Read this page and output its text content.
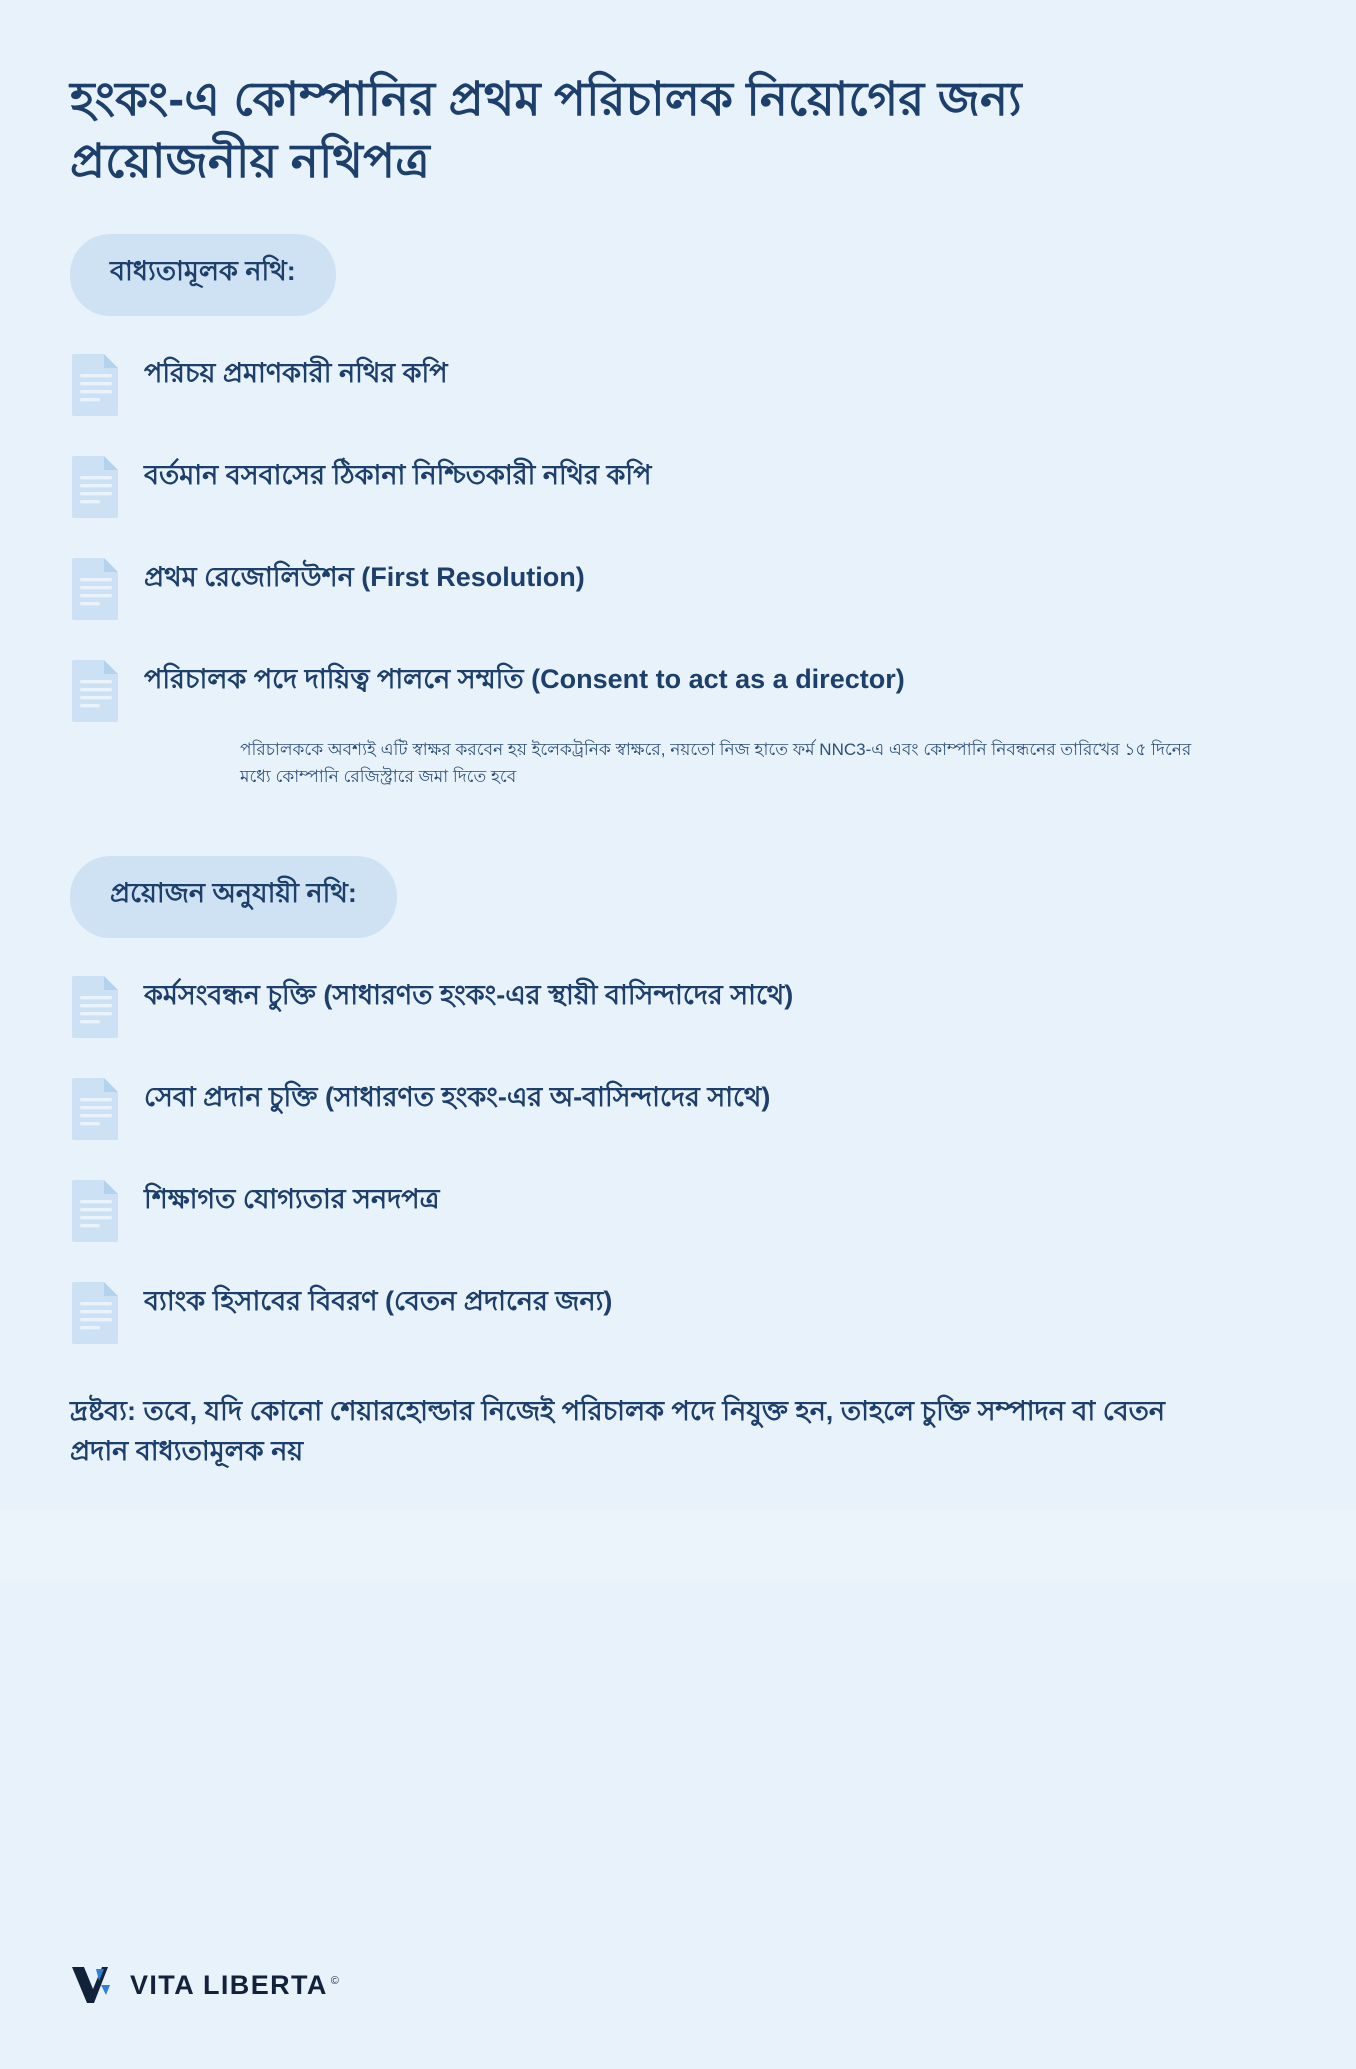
হংকং-এ কোম্পানির প্রথম পরিচালক নিয়োগের জন্য প্রয়োজনীয় নথিপত্র
বাধ্যতামূলক নথি:
পরিচয় প্রমাণকারী নথির কপি
বর্তমান বসবাসের ঠিকানা নিশ্চিতকারী নথির কপি
প্রথম রেজোলিউশন (First Resolution)
পরিচালক পদে দায়িত্ব পালনে সম্মতি (Consent to act as a director)
পরিচালককে অবশ্যই এটি স্বাক্ষর করবেন হয় ইলেকট্রনিক স্বাক্ষরে, নয়তো নিজ হাতে ফর্ম NNC3-এ এবং কোম্পানি নিবন্ধনের তারিখের ১৫ দিনের মধ্যে কোম্পানি রেজিস্ট্রারে জমা দিতে হবে
প্রয়োজন অনুযায়ী নথি:
কর্মসংবন্ধন চুক্তি (সাধারণত হংকং-এর স্থায়ী বাসিন্দাদের সাথে)
সেবা প্রদান চুক্তি (সাধারণত হংকং-এর অ-বাসিন্দাদের সাথে)
শিক্ষাগত যোগ্যতার সনদপত্র
ব্যাংক হিসাবের বিবরণ (বেতন প্রদানের জন্য)
দ্রষ্টব্য: তবে, যদি কোনো শেয়ারহোল্ডার নিজেই পরিচালক পদে নিযুক্ত হন, তাহলে চুক্তি সম্পাদন বা বেতন প্রদান বাধ্যতামূলক নয়
VITA LIBERTA ©
